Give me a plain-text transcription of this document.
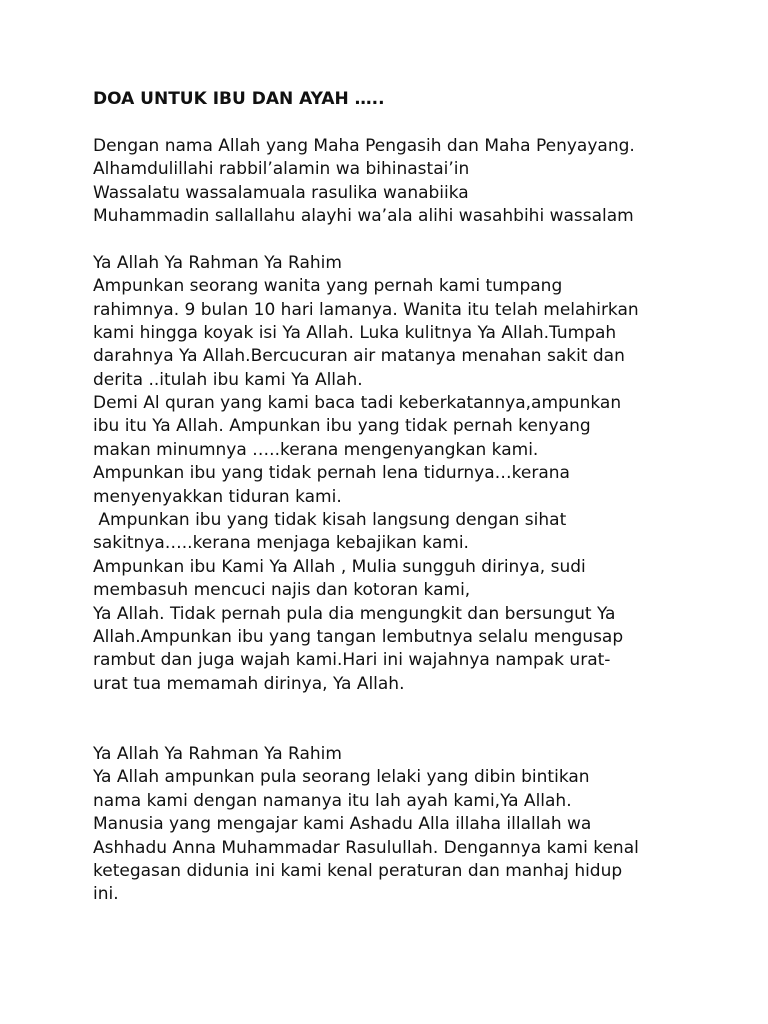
DOA UNTUK IBU DAN AYAH …..
Dengan nama Allah yang Maha Pengasih dan Maha Penyayang.
Alhamdulillahi rabbil’alamin wa bihinastai’in
Wassalatu wassalamuala rasulika wanabiika
Muhammadin sallallahu alayhi wa’ala alihi wasahbihi wassalam
Ya Allah Ya Rahman Ya Rahim
Ampunkan seorang wanita yang pernah kami tumpang
rahimnya. 9 bulan 10 hari lamanya. Wanita itu telah melahirkan
kami hingga koyak isi Ya Allah. Luka kulitnya Ya Allah.Tumpah
darahnya Ya Allah.Bercucuran air matanya menahan sakit dan
derita ..itulah ibu kami Ya Allah.
Demi Al quran yang kami baca tadi keberkatannya,ampunkan
ibu itu Ya Allah. Ampunkan ibu yang tidak pernah kenyang
makan minumnya …..kerana mengenyangkan kami.
Ampunkan ibu yang tidak pernah lena tidurnya…kerana
menyenyakkan tiduran kami.
Ampunkan ibu yang tidak kisah langsung dengan sihat
sakitnya…..kerana menjaga kebajikan kami.
Ampunkan ibu Kami Ya Allah , Mulia sungguh dirinya, sudi
membasuh mencuci najis dan kotoran kami,
Ya Allah. Tidak pernah pula dia mengungkit dan bersungut Ya
Allah.Ampunkan ibu yang tangan lembutnya selalu mengusap
rambut dan juga wajah kami.Hari ini wajahnya nampak urat-
urat tua memamah dirinya, Ya Allah.
Ya Allah Ya Rahman Ya Rahim
Ya Allah ampunkan pula seorang lelaki yang dibin bintikan
nama kami dengan namanya itu lah ayah kami,Ya Allah.
Manusia yang mengajar kami Ashadu Alla illaha illallah wa
Ashhadu Anna Muhammadar Rasulullah. Dengannya kami kenal
ketegasan didunia ini kami kenal peraturan dan manhaj hidup
ini.
